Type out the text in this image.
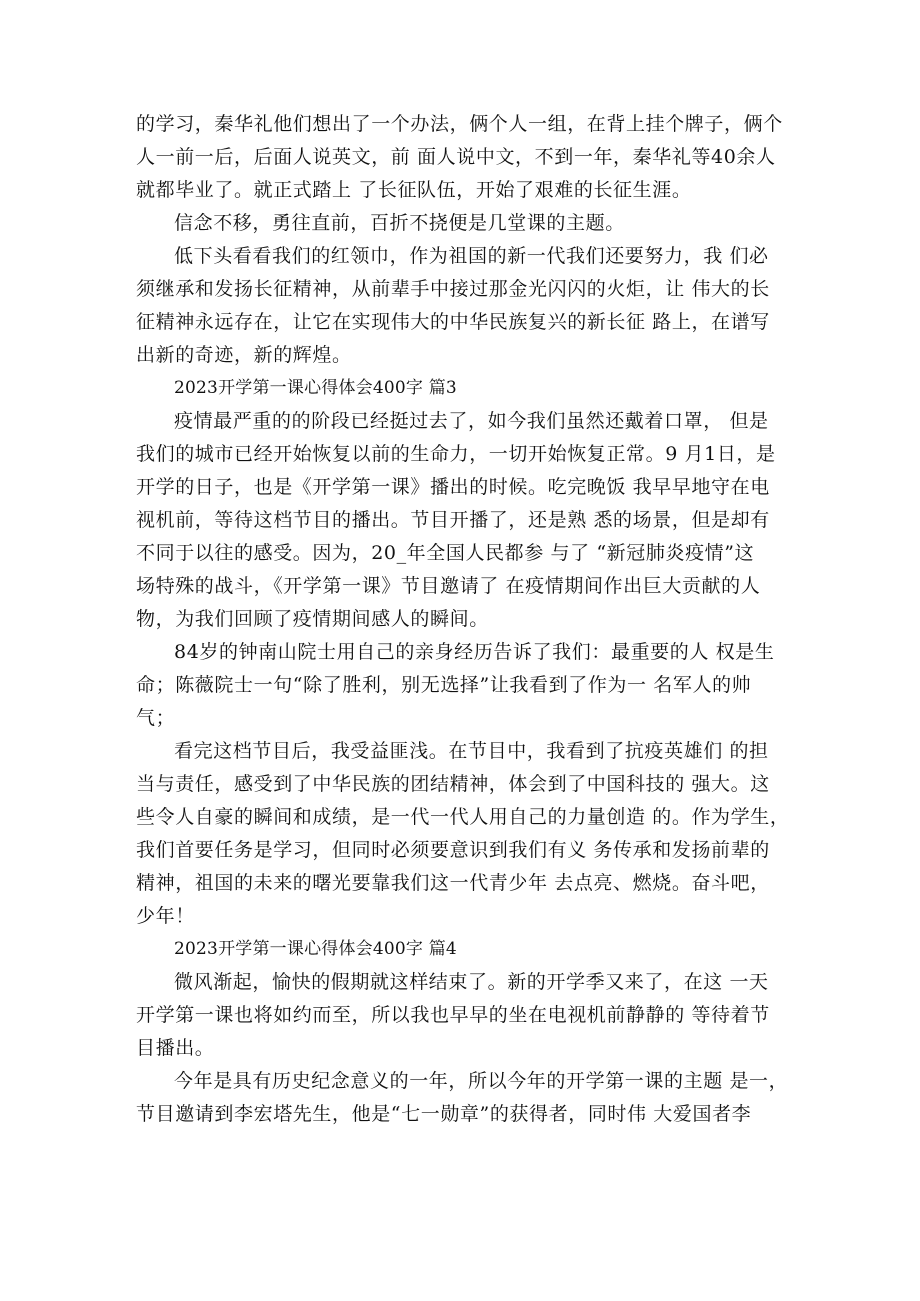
的学习，秦华礼他们想出了一个办法，俩个人一组，在背上挂个牌子，俩个
人一前一后，后面人说英文，前 面人说中文，不到一年，秦华礼等40余人
就都毕业了。就正式踏上 了长征队伍，开始了艰难的长征生涯。

信念不移，勇往直前，百折不挠便是几堂课的主题。

低下头看看我们的红领巾，作为祖国的新一代我们还要努力，我 们必
须继承和发扬长征精神，从前辈手中接过那金光闪闪的火炬，让 伟大的长
征精神永远存在，让它在实现伟大的中华民族复兴的新长征 路上，在谱写
出新的奇迹，新的辉煌。

2023开学第一课心得体会400字 篇3

疫情最严重的的阶段已经挺过去了，如今我们虽然还戴着口罩， 但是
我们的城市已经开始恢复以前的生命力，一切开始恢复正常。9 月1日，是
开学的日子，也是《开学第一课》播出的时候。吃完晚饭 我早早地守在电
视机前，等待这档节目的播出。节目开播了，还是熟 悉的场景，但是却有
不同于以往的感受。因为，20_年全国人民都参 与了 “新冠肺炎疫情”这
场特殊的战斗，《开学第一课》节目邀请了 在疫情期间作出巨大贡献的人
物，为我们回顾了疫情期间感人的瞬间。

84岁的钟南山院士用自己的亲身经历告诉了我们：最重要的人 权是生
命；陈薇院士一句“除了胜利，别无选择”让我看到了作为一 名军人的帅
气；

看完这档节目后，我受益匪浅。在节目中，我看到了抗疫英雄们 的担
当与责任，感受到了中华民族的团结精神，体会到了中国科技的 强大。这
些令人自豪的瞬间和成绩，是一代一代人用自己的力量创造 的。作为学生，
我们首要任务是学习，但同时必须要意识到我们有义 务传承和发扬前辈的
精神，祖国的未来的曙光要靠我们这一代青少年 去点亮、燃烧。奋斗吧，
少年！

2023开学第一课心得体会400字 篇4

微风渐起，愉快的假期就这样结束了。新的开学季又来了，在这 一天
开学第一课也将如约而至，所以我也早早的坐在电视机前静静的 等待着节
目播出。

今年是具有历史纪念意义的一年，所以今年的开学第一课的主题 是一，
节目邀请到李宏塔先生，他是“七一勋章”的获得者，同时伟 大爱国者李
